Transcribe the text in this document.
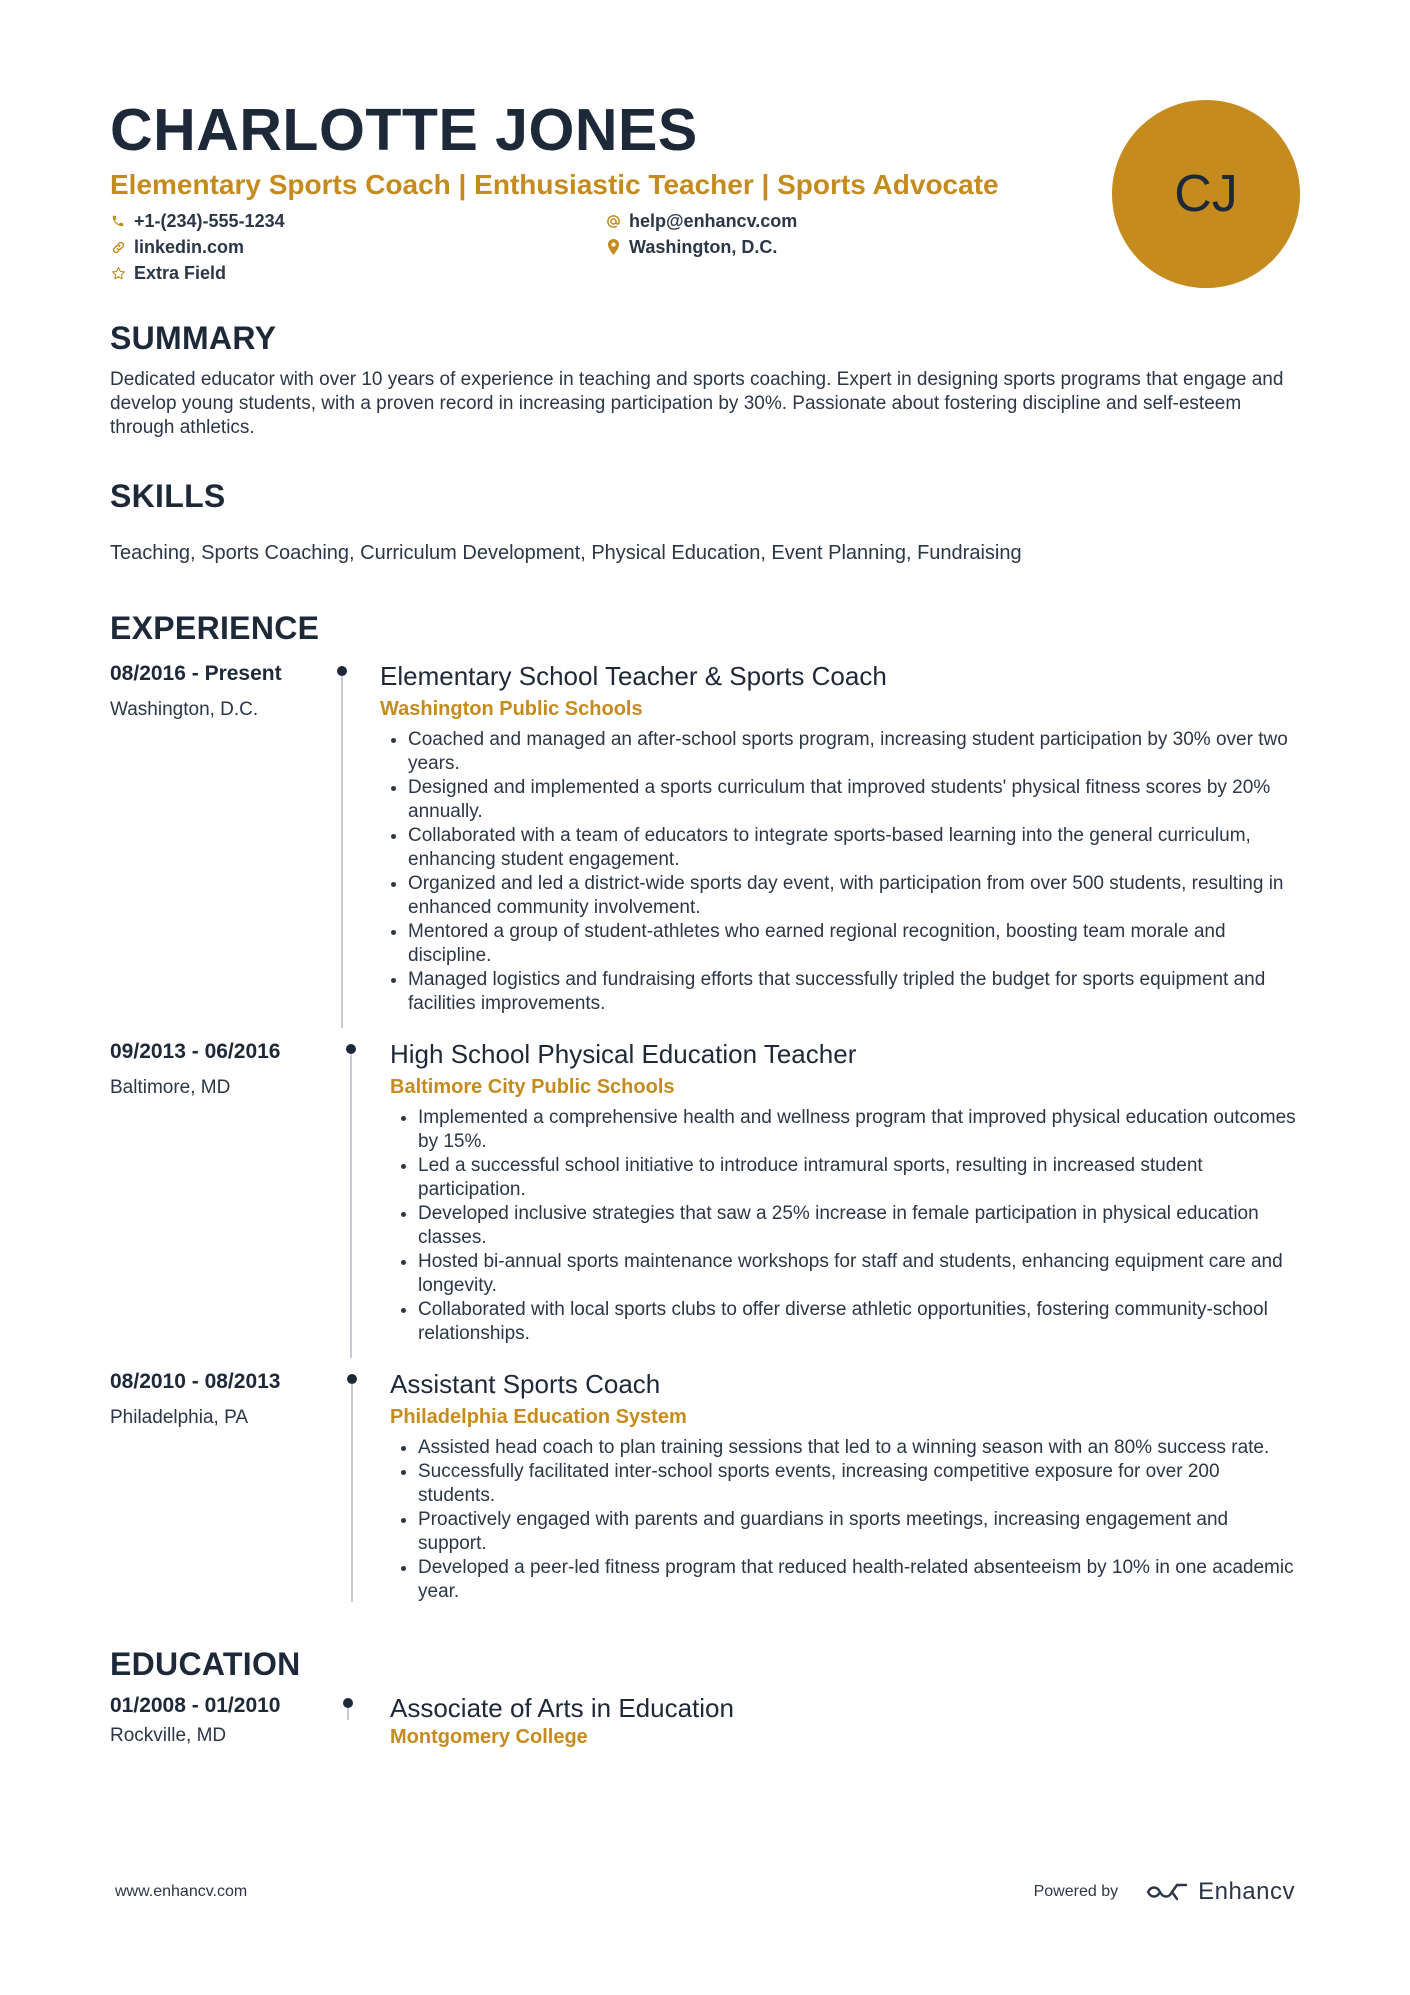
CHARLOTTE JONES
Elementary Sports Coach | Enthusiastic Teacher | Sports Advocate
+1-(234)-555-1234	help@enhancv.com
linkedin.com	Washington, D.C.
Extra Field
CJ
SUMMARY

Dedicated educator with over 10 years of experience in teaching and sports coaching. Expert in designing sports programs that engage and develop young students, with a proven record in increasing participation by 30%. Passionate about fostering discipline and self-esteem through athletics.

SKILLS

Teaching, Sports Coaching, Curriculum Development, Physical Education, Event Planning, Fundraising

EXPERIENCE
08/2016 - Present
Washington, D.C.
Elementary School Teacher & Sports Coach
Washington Public Schools
• Coached and managed an after-school sports program, increasing student participation by 30% over two years.
• Designed and implemented a sports curriculum that improved students' physical fitness scores by 20% annually.
• Collaborated with a team of educators to integrate sports-based learning into the general curriculum, enhancing student engagement.
• Organized and led a district-wide sports day event, with participation from over 500 students, resulting in enhanced community involvement.
• Mentored a group of student-athletes who earned regional recognition, boosting team morale and discipline.
• Managed logistics and fundraising efforts that successfully tripled the budget for sports equipment and facilities improvements.
09/2013 - 06/2016
Baltimore, MD
High School Physical Education Teacher
Baltimore City Public Schools
• Implemented a comprehensive health and wellness program that improved physical education outcomes by 15%.
• Led a successful school initiative to introduce intramural sports, resulting in increased student participation.
• Developed inclusive strategies that saw a 25% increase in female participation in physical education classes.
• Hosted bi-annual sports maintenance workshops for staff and students, enhancing equipment care and longevity.
• Collaborated with local sports clubs to offer diverse athletic opportunities, fostering community-school relationships.
08/2010 - 08/2013
Philadelphia, PA
Assistant Sports Coach
Philadelphia Education System
• Assisted head coach to plan training sessions that led to a winning season with an 80% success rate.
• Successfully facilitated inter-school sports events, increasing competitive exposure for over 200 students.
• Proactively engaged with parents and guardians in sports meetings, increasing engagement and support.
• Developed a peer-led fitness program that reduced health-related absenteeism by 10% in one academic year.
EDUCATION
01/2008 - 01/2010
Rockville, MD
Associate of Arts in Education
Montgomery College
www.enhancv.com	Powered by	Enhancv
